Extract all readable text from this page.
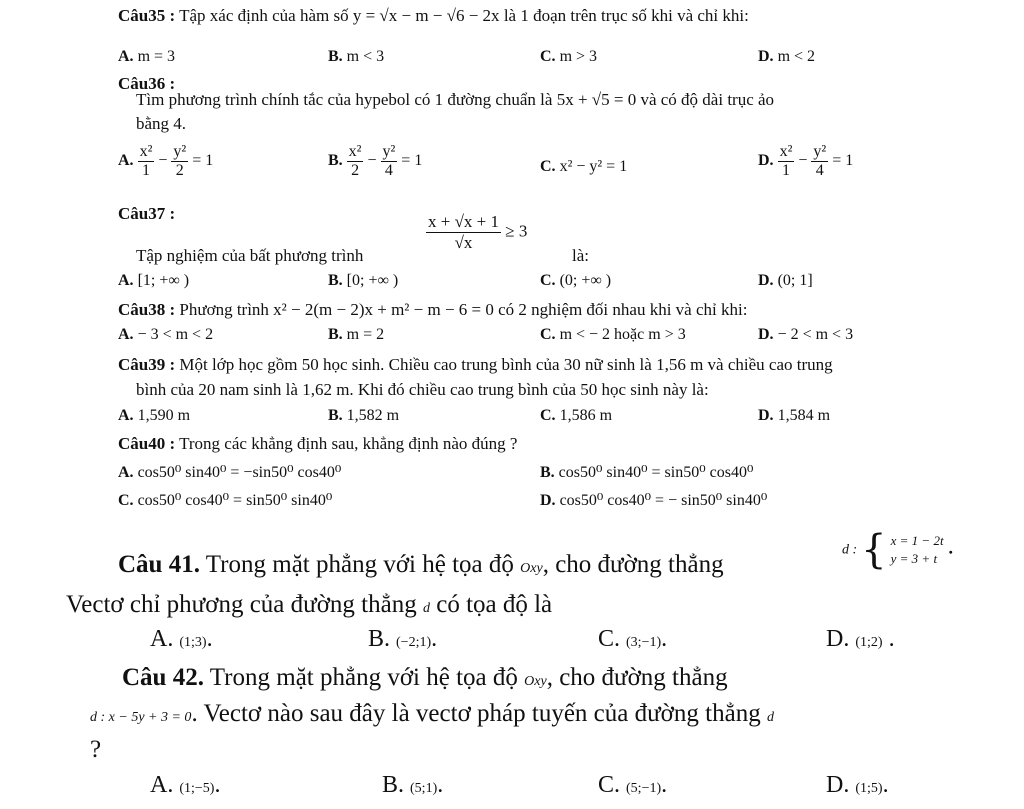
Câu35 : Tập xác định của hàm số y = √x − m − √6 − 2x là 1 đoạn trên trục số khi và chỉ khi:
A. m = 3	B. m < 3	C. m > 3	D. m < 2
Câu36 :
Tìm phương trình chính tắc của hypebol có 1 đường chuẩn là 5x + √5 = 0 và có độ dài trục ảo
bằng 4.
A. $\frac{\text{x²}}{1} - \frac{\text{y²}}{2} = 1$	B. $\frac{\text{x²}}{2} - \frac{\text{y²}}{4} = 1$	C. x² − y² = 1	D. $\frac{\text{x²}}{1} - \frac{\text{y²}}{4} = 1$
Câu37 :
Tập nghiệm của bất phương trình
$\frac{x + √x + 1}{√x} \ge 3$
là:
A. [1; +∞ )	B. [0; +∞ )	C. (0; +∞ )	D. (0; 1]
Câu38 : Phương trình x² − 2(m − 2)x + m² − m − 6 = 0 có 2 nghiệm đối nhau khi và chỉ khi:
A. − 3 < m < 2	B. m = 2	C. m < − 2 hoặc m > 3	D. − 2 < m < 3
Câu39 : Một lớp học gồm 50 học sinh. Chiều cao trung bình của 30 nữ sinh là 1,56 m và chiều cao trung
bình của 20 nam sinh là 1,62 m. Khi đó chiều cao trung bình của 50 học sinh này là:
A. 1,590 m	B. 1,582 m	C. 1,586 m	D. 1,584 m
Câu40 : Trong các khẳng định sau, khẳng định nào đúng ?
A. cos50⁰ sin40⁰ = −sin50⁰ cos40⁰	B. cos50⁰ sin40⁰ = sin50⁰ cos40⁰
C. cos50⁰ cos40⁰ = sin50⁰ sin40⁰	D. cos50⁰ cos40⁰ = − sin50⁰ sin40⁰
Câu 41. Trong mặt phẳng với hệ tọa độ Oxy, cho đường thẳng
d : { x = 1 − 2t
y = 3 + t .
Vectơ chỉ phương của đường thẳng d có tọa độ là
A. (1;3).	B. (−2;1).	C. (3;−1).	D. (1;2) .
Câu 42. Trong mặt phẳng với hệ tọa độ Oxy, cho đường thẳng
d : x − 5y + 3 = 0. Vectơ nào sau đây là vectơ pháp tuyến của đường thẳng d
?
A. (1;−5).	B. (5;1).	C. (5;−1).	D. (1;5).
